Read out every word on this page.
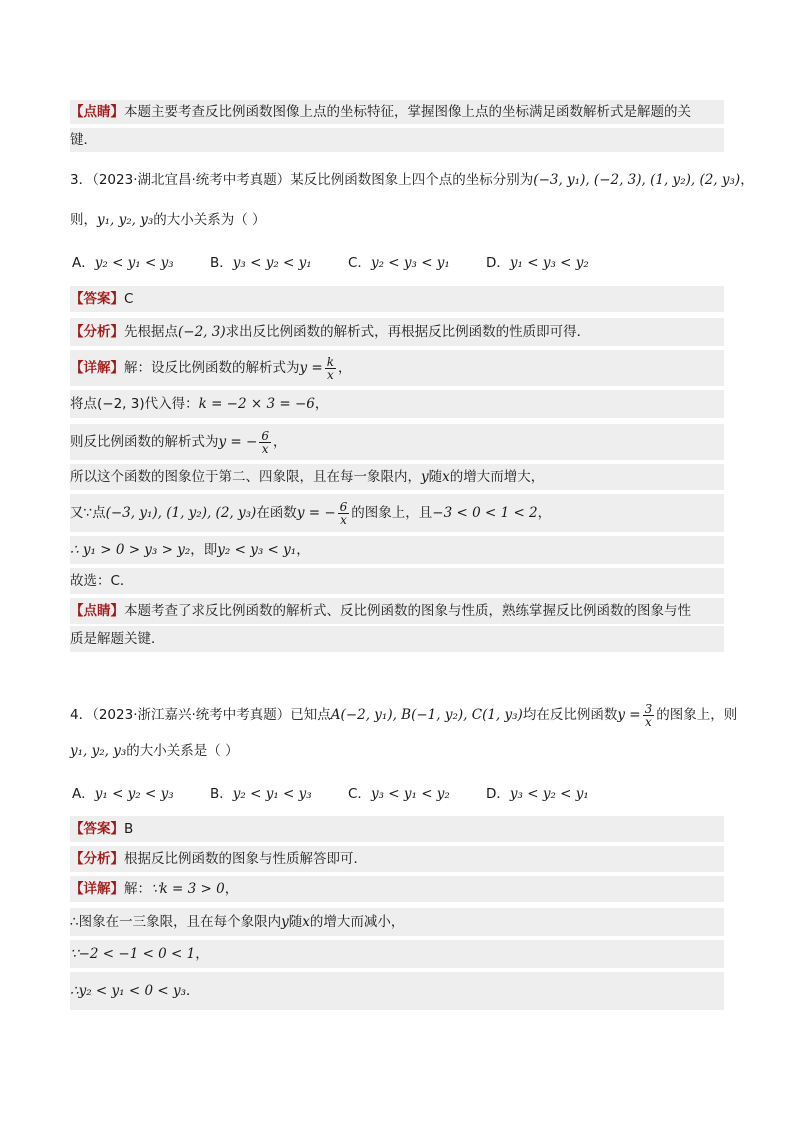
【点睛】本题主要考查反比例函数图像上点的坐标特征，掌握图像上点的坐标满足函数解析式是解题的关
键．
3．（2023·湖北宜昌·统考中考真题）某反比例函数图象上四个点的坐标分别为(−3, y₁), (−2, 3), (1, y₂), (2, y₃)，
则，y₁, y₂, y₃的大小关系为（ ）
A．y₂ < y₁ < y₃	B．y₃ < y₂ < y₁	C．y₂ < y₃ < y₁	D．y₁ < y₃ < y₂
【答案】C
【分析】先根据点(−2, 3)求出反比例函数的解析式，再根据反比例函数的性质即可得．
【详解】解：设反比例函数的解析式为$y = \frac{k}{x}$ ，
将点(−2, 3)代入得：k = −2 × 3 = −6，
则反比例函数的解析式为y = − $\frac{6}{x}$ ，
所以这个函数的图象位于第二、四象限，且在每一象限内，y随x的增大而增大，
又∵点(−3, y₁), (1, y₂), (2, y₃)在函数y = − $\frac{6}{x}$ 的图象上，且−3 < 0 < 1 < 2，
∴ y₁ > 0 > y₃ > y₂，即y₂ < y₃ < y₁，
故选：C．
【点睛】本题考查了求反比例函数的解析式、反比例函数的图象与性质，熟练掌握反比例函数的图象与性
质是解题关键．
4．（2023·浙江嘉兴·统考中考真题）已知点A(−2, y₁), B(−1, y₂), C(1, y₃)均在反比例函数$y = \frac{3}{x}$ 的图象上，则
y₁, y₂, y₃的大小关系是（ ）
A．y₁ < y₂ < y₃	B．y₂ < y₁ < y₃	C．y₃ < y₁ < y₂	D．y₃ < y₂ < y₁
【答案】B
【分析】根据反比例函数的图象与性质解答即可．
【详解】解：∵k = 3 > 0，
∴图象在一三象限，且在每个象限内y随x的增大而减小，
∵−2 < −1 < 0 < 1，
∴y₂ < y₁ < 0 < y₃．
